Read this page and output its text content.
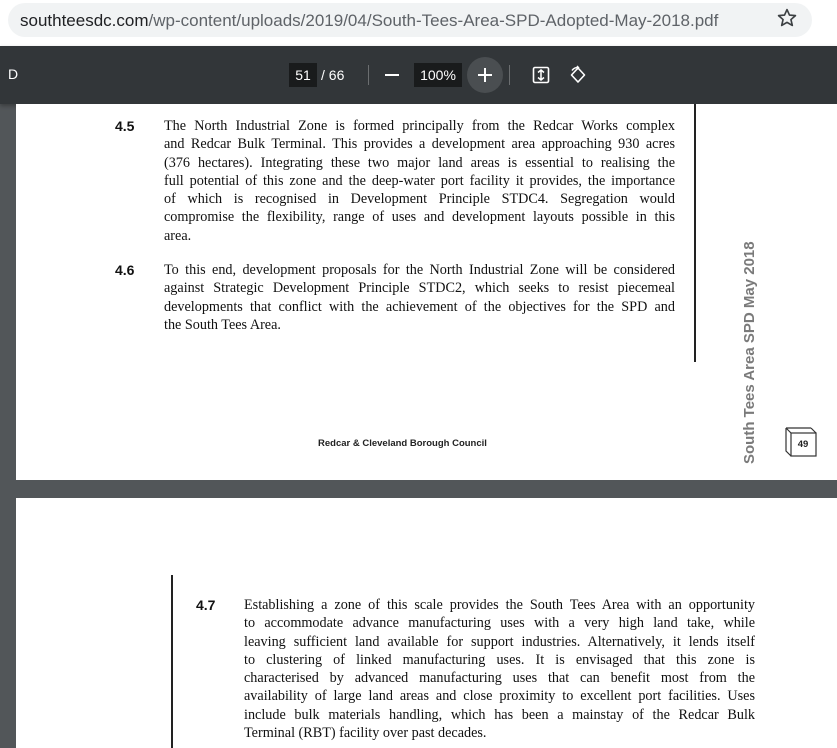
southteesdc.com/wp-content/uploads/2019/04/South-Tees-Area-SPD-Adopted-May-2018.pdf
D	51 / 66	100%
4.5 The North Industrial Zone is formed principally from the Redcar Works complex
and Redcar Bulk Terminal. This provides a development area approaching 930 acres
(376 hectares). Integrating these two major land areas is essential to realising the
full potential of this zone and the deep-water port facility it provides, the importance
of which is recognised in Development Principle STDC4. Segregation would
compromise the flexibility, range of uses and development layouts possible in this
area.
4.6 To this end, development proposals for the North Industrial Zone will be considered
against Strategic Development Principle STDC2, which seeks to resist piecemeal
developments that conflict with the achievement of the objectives for the SPD and
the South Tees Area.	South Tees Area SPD May 2018
Redcar & Cleveland Borough Council	49
4.7 Establishing a zone of this scale provides the South Tees Area with an opportunity
to accommodate advance manufacturing uses with a very high land take, while
leaving sufficient land available for support industries. Alternatively, it lends itself
to clustering of linked manufacturing uses. It is envisaged that this zone is
characterised by advanced manufacturing uses that can benefit most from the
availability of large land areas and close proximity to excellent port facilities. Uses
include bulk materials handling, which has been a mainstay of the Redcar Bulk
Terminal (RBT) facility over past decades.
